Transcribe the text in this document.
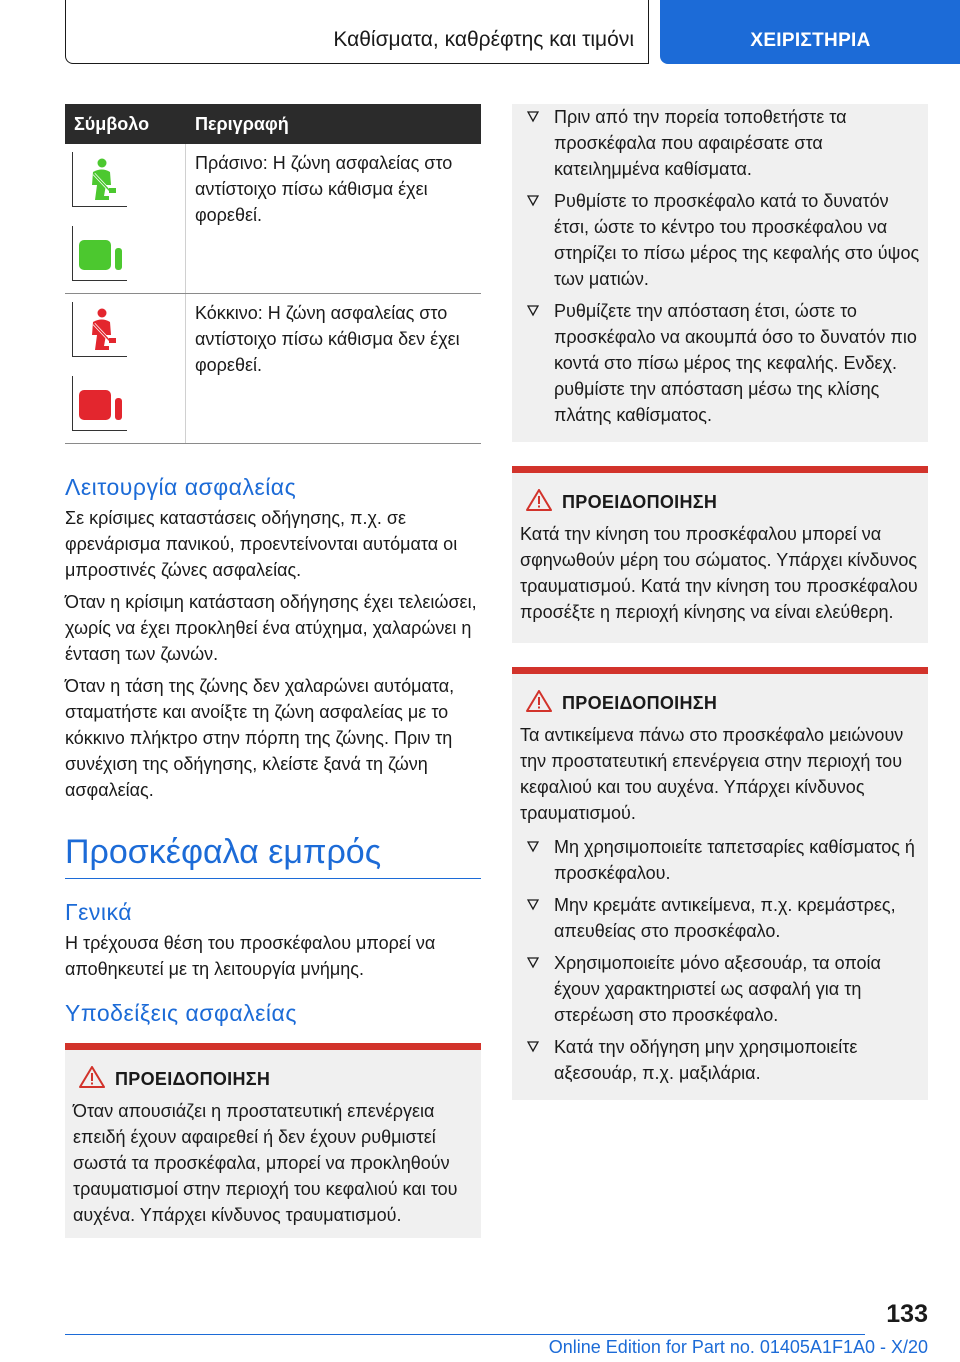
Καθίσματα, καθρέφτης και τιμόνι	ΧΕΙΡΙΣΤΗΡΙΑ
Σύμβολο	Περιγραφή
Πράσινο: Η ζώνη ασφαλείας στο αντίστοιχο πίσω κάθισμα έχει φορεθεί.
Κόκκινο: Η ζώνη ασφαλείας στο αντίστοιχο πίσω κάθισμα δεν έχει φορεθεί.
Λειτουργία ασφαλείας

Σε κρίσιμες καταστάσεις οδήγησης, π.χ. σε φρενάρισμα πανικού, προεντείνονται αυτόματα οι μπροστινές ζώνες ασφαλείας.

Όταν η κρίσιμη κατάσταση οδήγησης έχει τελειώσει, χωρίς να έχει προκληθεί ένα ατύχημα, χαλαρώνει η ένταση των ζωνών.

Όταν η τάση της ζώνης δεν χαλαρώνει αυτόματα, σταματήστε και ανοίξτε τη ζώνη ασφαλείας με το κόκκινο πλήκτρο στην πόρπη της ζώνης. Πριν τη συνέχιση της οδήγησης, κλείστε ξανά τη ζώνη ασφαλείας.

Προσκέφαλα εμπρός
Γενικά

Η τρέχουσα θέση του προσκέφαλου μπορεί να αποθηκευτεί με τη λειτουργία μνήμης.

Υποδείξεις ασφαλείας
ΠΡΟΕΙΔΟΠΟΙΗΣΗ
Όταν απουσιάζει η προστατευτική επενέργεια επειδή έχουν αφαιρεθεί ή δεν έχουν ρυθμιστεί σωστά τα προσκέφαλα, μπορεί να προκληθούν τραυματισμοί στην περιοχή του κεφαλιού και του αυχένα. Υπάρχει κίνδυνος τραυματισμού.
Πριν από την πορεία τοποθετήστε τα προσκέφαλα που αφαιρέσατε στα κατειλημμένα καθίσματα.
Ρυθμίστε το προσκέφαλο κατά το δυνατόν έτσι, ώστε το κέντρο του προσκέφαλου να στηρίζει το πίσω μέρος της κεφαλής στο ύψος των ματιών.
Ρυθμίζετε την απόσταση έτσι, ώστε το προσκέφαλο να ακουμπά όσο το δυνατόν πιο κοντά στο πίσω μέρος της κεφαλής. Ενδεχ. ρυθμίστε την απόσταση μέσω της κλίσης πλάτης καθίσματος.
ΠΡΟΕΙΔΟΠΟΙΗΣΗ
Κατά την κίνηση του προσκέφαλου μπορεί να σφηνωθούν μέρη του σώματος. Υπάρχει κίνδυνος τραυματισμού. Κατά την κίνηση του προσκέφαλου προσέξτε η περιοχή κίνησης να είναι ελεύθερη.
ΠΡΟΕΙΔΟΠΟΙΗΣΗ
Τα αντικείμενα πάνω στο προσκέφαλο μειώνουν την προστατευτική επενέργεια στην περιοχή του κεφαλιού και του αυχένα. Υπάρχει κίνδυνος τραυματισμού.
Μη χρησιμοποιείτε ταπετσαρίες καθίσματος ή προσκέφαλου.
Μην κρεμάτε αντικείμενα, π.χ. κρεμάστρες, απευθείας στο προσκέφαλο.
Χρησιμοποιείτε μόνο αξεσουάρ, τα οποία έχουν χαρακτηριστεί ως ασφαλή για τη στερέωση στο προσκέφαλο.
Κατά την οδήγηση μην χρησιμοποιείτε αξεσουάρ, π.χ. μαξιλάρια.
133
Online Edition for Part no. 01405A1F1A0 - X/20
